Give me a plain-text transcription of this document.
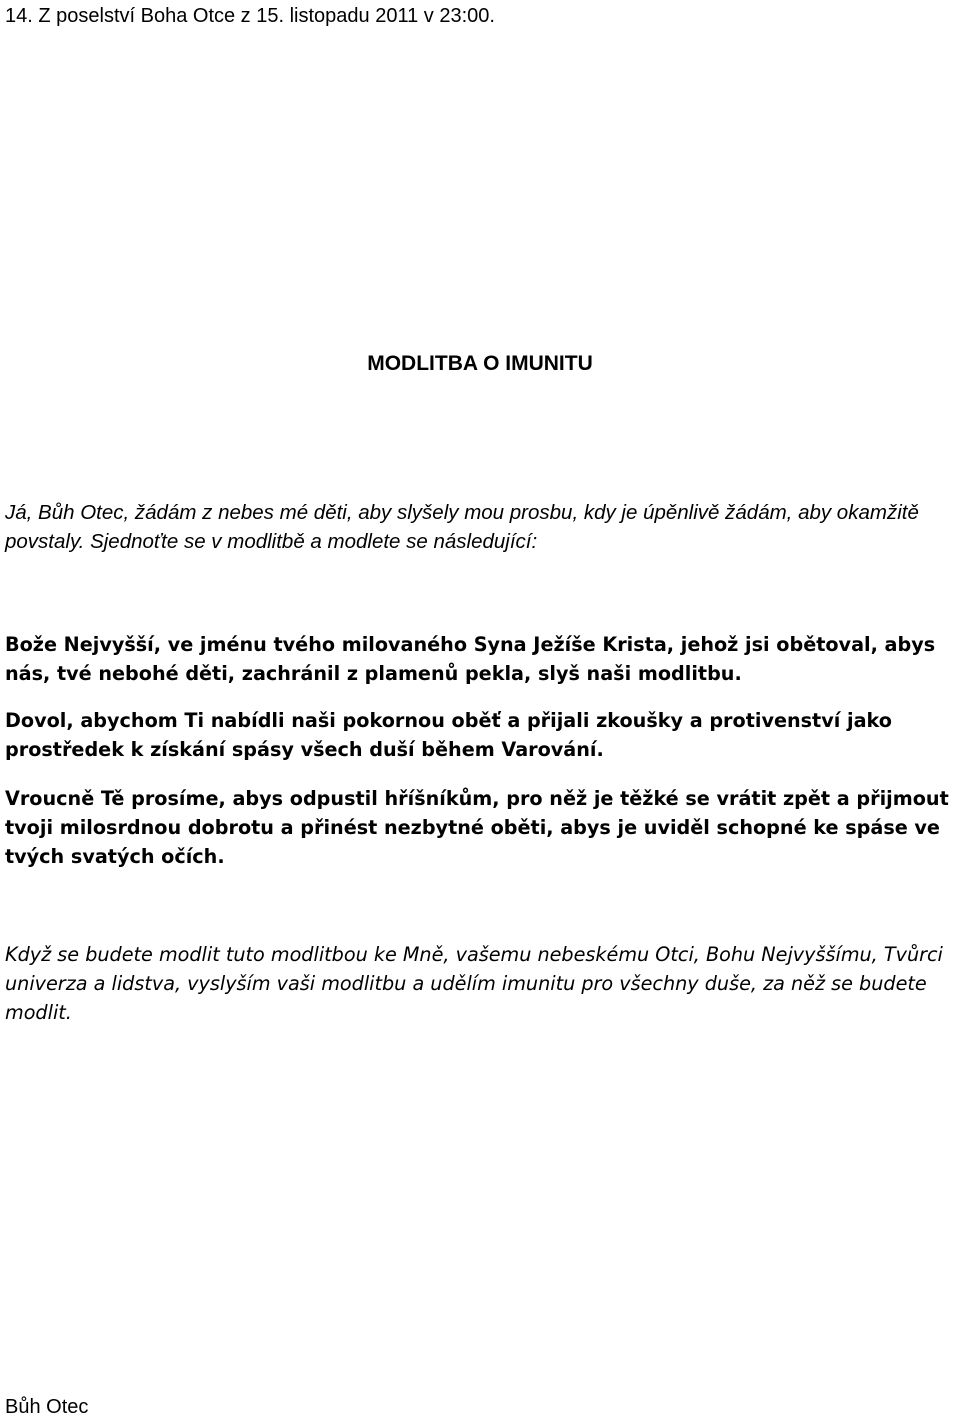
14. Z poselství Boha Otce z 15. listopadu 2011 v 23:00.

MODLITBA O IMUNITU

Já, Bůh Otec, žádám z nebes mé děti, aby slyšely mou prosbu, kdy je úpěnlivě žádám, aby okamžitě povstaly. Sjednoťte se v modlitbě a modlete se následující:

Bože Nejvyšší, ve jménu tvého milovaného Syna Ježíše Krista, jehož jsi obětoval, abys nás, tvé nebohé děti, zachránil z plamenů pekla, slyš naši modlitbu.

Dovol, abychom Ti nabídli naši pokornou oběť a přijali zkoušky a protivenství jako prostředek k získání spásy všech duší během Varování.

Vroucně Tě prosíme, abys odpustil hříšníkům, pro něž je těžké se vrátit zpět a přijmout tvoji milosrdnou dobrotu a přinést nezbytné oběti, abys je uviděl schopné ke spáse ve tvých svatých očích.

Když se budete modlit tuto modlitbou ke Mně, vašemu nebeskému Otci, Bohu Nejvyššímu, Tvůrci univerza a lidstva, vyslyším vaši modlitbu a udělím imunitu pro všechny duše, za něž se budete modlit.

Bůh Otec
